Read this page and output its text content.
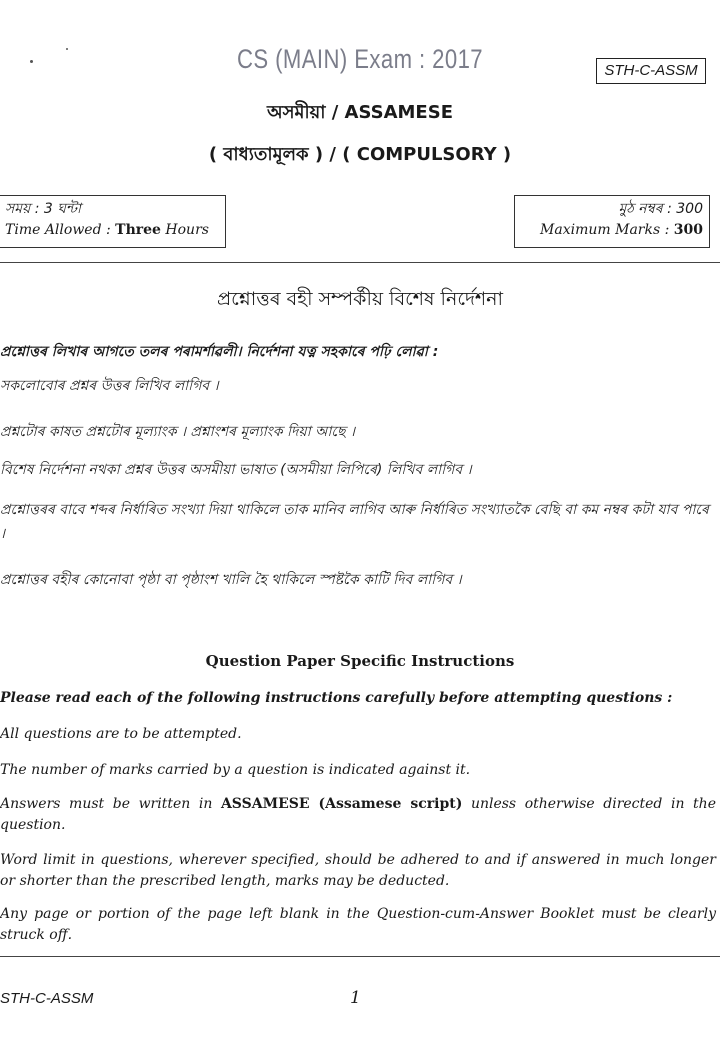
CS (MAIN) Exam : 2017	STH-C-ASSM
অসমীয়া / ASSAMESE
( বাধ্যতামূলক ) / ( COMPULSORY )
সময় : 3 ঘন্টা
Time Allowed : Three Hours
মুঠ নম্বৰ : 300
Maximum Marks : 300
প্ৰশ্নোত্তৰ বহী সম্পৰ্কীয় বিশেষ নিৰ্দেশনা
প্ৰশ্নোত্তৰ লিখাৰ আগতে তলৰ পৰামৰ্শাৱলী। নিৰ্দেশনা যত্ন সহকাৰে পঢ়ি লোৱা :
সকলোবোৰ প্ৰশ্নৰ উত্তৰ লিখিব লাগিব ।
প্ৰশ্নটোৰ কাষত প্ৰশ্নটোৰ মূল্যাংক । প্ৰশ্নাংশৰ মূল্যাংক দিয়া আছে ।
বিশেষ নিৰ্দেশনা নথকা প্ৰশ্নৰ উত্তৰ অসমীয়া ভাষাত (অসমীয়া লিপিৰে) লিখিব লাগিব ।
প্ৰশ্নোত্তৰৰ বাবে শব্দৰ নিৰ্ধাৰিত সংখ্যা দিয়া থাকিলে তাক মানিব লাগিব আৰু নিৰ্ধাৰিত সংখ্যাতকৈ বেছি বা কম নম্বৰ কটা যাব পাৰে ।
প্ৰশ্নোত্তৰ বহীৰ কোনোবা পৃষ্ঠা বা পৃষ্ঠাংশ খালি হৈ থাকিলে স্পষ্টকৈ কাটি দিব লাগিব ।
Question Paper Specific Instructions
Please read each of the following instructions carefully before attempting questions :
All questions are to be attempted.
The number of marks carried by a question is indicated against it.
Answers must be written in ASSAMESE (Assamese script) unless otherwise directed in the question.
Word limit in questions, wherever specified, should be adhered to and if answered in much longer or shorter than the prescribed length, marks may be deducted.
Any page or portion of the page left blank in the Question-cum-Answer Booklet must be clearly struck off.
STH-C-ASSM	1
